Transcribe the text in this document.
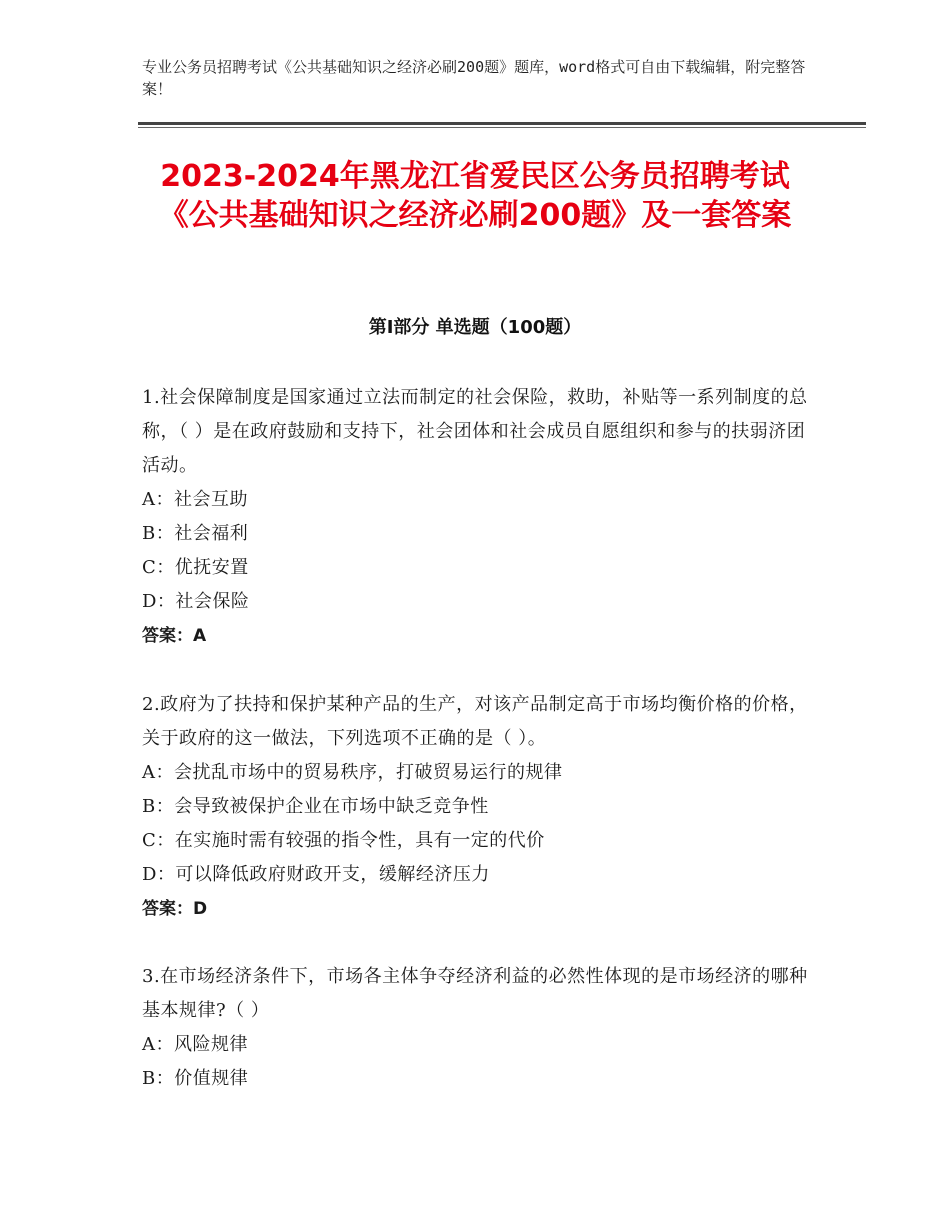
专业公务员招聘考试《公共基础知识之经济必刷200题》题库，word格式可自由下载编辑，附完整答案！
2023-2024年黑龙江省爱民区公务员招聘考试《公共基础知识之经济必刷200题》及一套答案
第I部分 单选题（100题）

1.社会保障制度是国家通过立法而制定的社会保险，救助，补贴等一系列制度的总称，（ ）是在政府鼓励和支持下，社会团体和社会成员自愿组织和参与的扶弱济团活动。

A：社会互助

B：社会福利

C：优抚安置

D：社会保险

答案：A

2.政府为了扶持和保护某种产品的生产，对该产品制定高于市场均衡价格的价格，关于政府的这一做法，下列选项不正确的是（ ）。

A：会扰乱市场中的贸易秩序，打破贸易运行的规律

B：会导致被保护企业在市场中缺乏竞争性

C：在实施时需有较强的指令性，具有一定的代价

D：可以降低政府财政开支，缓解经济压力

答案：D

3.在市场经济条件下，市场各主体争夺经济利益的必然性体现的是市场经济的哪种基本规律?（ ）

A：风险规律

B：价值规律
